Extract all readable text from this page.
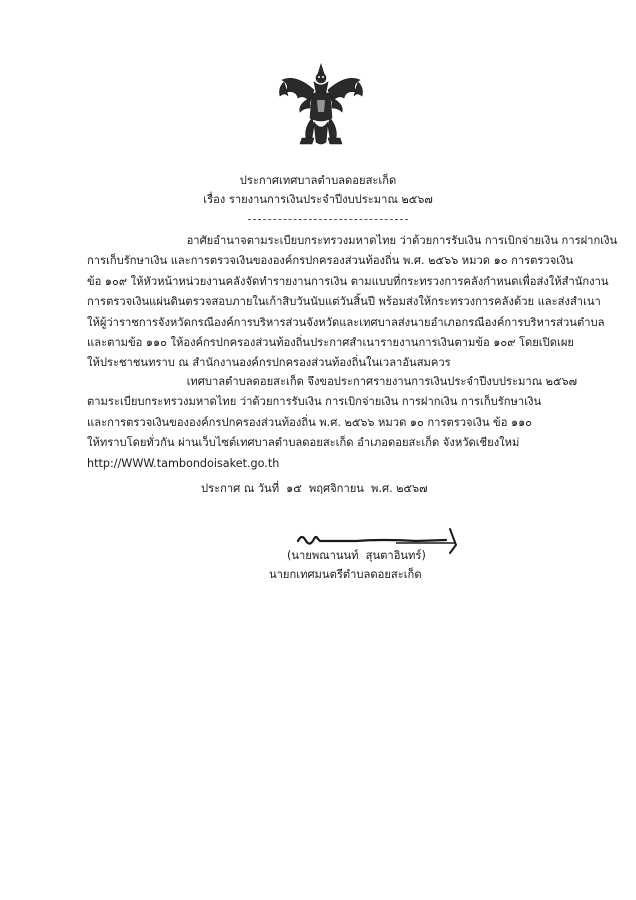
ประกาศเทศบาลตำบลดอยสะเก็ด
เรื่อง รายงานการเงินประจำปีงบประมาณ ๒๕๖๗
อาศัยอำนาจตามระเบียบกระทรวงมหาดไทย ว่าด้วยการรับเงิน การเบิกจ่ายเงิน การฝากเงิน
การเก็บรักษาเงิน และการตรวจเงินขององค์กรปกครองส่วนท้องถิ่น พ.ศ. ๒๕๖๖ หมวด ๑๐ การตรวจเงิน
ข้อ ๑๐๙ ให้หัวหน้าหน่วยงานคลังจัดทำรายงานการเงิน ตามแบบที่กระทรวงการคลังกำหนดเพื่อส่งให้สำนักงาน
การตรวจเงินแผ่นดินตรวจสอบภายในเก้าสิบวันนับแต่วันสิ้นปี พร้อมส่งให้กระทรวงการคลังด้วย และส่งสำเนา
ให้ผู้ว่าราชการจังหวัดกรณีองค์การบริหารส่วนจังหวัดและเทศบาลส่งนายอำเภอกรณีองค์การบริหารส่วนตำบล
และตามข้อ ๑๑๐ ให้องค์กรปกครองส่วนท้องถิ่นประกาศสำเนารายงานการเงินตามข้อ ๑๐๙ โดยเปิดเผย
ให้ประชาชนทราบ ณ สำนักงานองค์กรปกครองส่วนท้องถิ่นในเวลาอันสมควร
เทศบาลตำบลดอยสะเก็ด จึงขอประกาศรายงานการเงินประจำปีงบประมาณ ๒๕๖๗
ตามระเบียบกระทรวงมหาดไทย ว่าด้วยการรับเงิน การเบิกจ่ายเงิน การฝากเงิน การเก็บรักษาเงิน
และการตรวจเงินขององค์กรปกครองส่วนท้องถิ่น พ.ศ. ๒๕๖๖ หมวด ๑๐ การตรวจเงิน ข้อ ๑๑๐
ให้ทราบโดยทั่วกัน ผ่านเว็บไซต์เทศบาลตำบลดอยสะเก็ด อำเภอดอยสะเก็ด จังหวัดเชียงใหม่
http://WWW.tambondoisaket.go.th
ประกาศ ณ วันที่  ๑๕  พฤศจิกายน  พ.ศ. ๒๕๖๗
(นายพณานนท์  สุนตาอินทร์)
นายกเทศมนตรีตำบลดอยสะเก็ด
